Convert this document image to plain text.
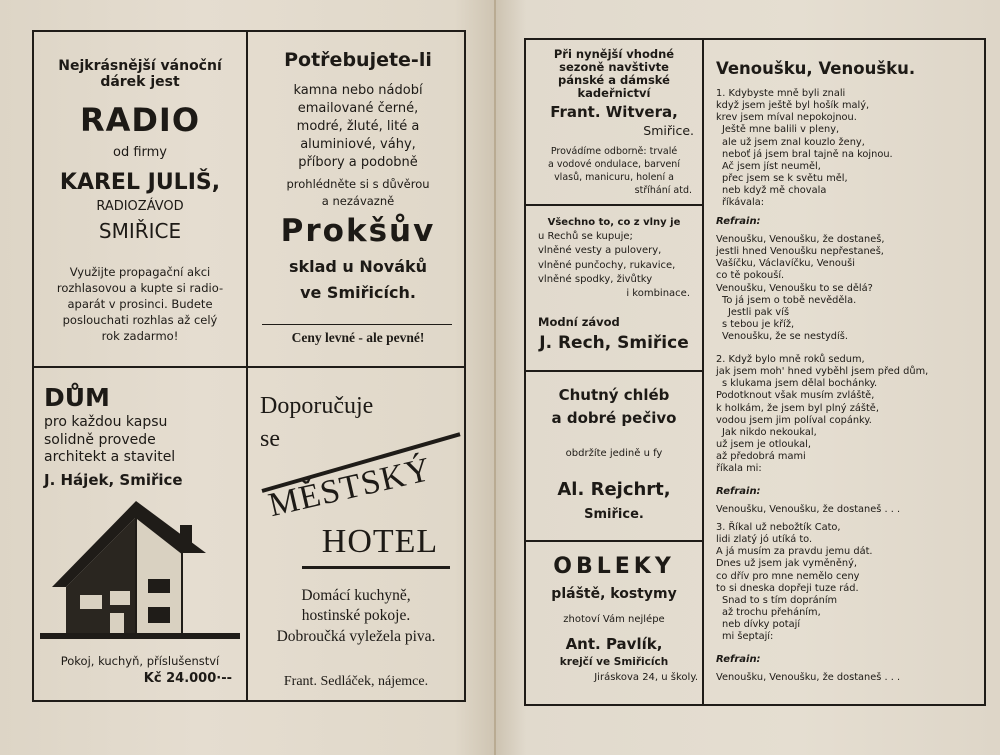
Nejkrásnější vánoční
dárek jest
RADIO
od firmy
KAREL JULIŠ,
RADIOZÁVOD
SMIŘICE
Využijte propagační akci
rozhlasovou a kupte si radio-
aparát v prosinci. Budete
poslouchati rozhlas až celý
rok zadarmo!
Potřebujete-li
kamna nebo nádobí
emailované černé,
modré, žluté, lité a
aluminiové, váhy,
příbory a podobně
prohlédněte si s důvěrou
a nezávazně
Prokšův
sklad u Nováků
ve Smiřicích.
Ceny levné - ale pevné!
DŮM
pro každou kapsu
solidně provede
architekt a stavitel
J. Hájek, Smiřice
Pokoj, kuchyň, příslušenství
Kč 24.000·--
Doporučuje
se
MĚSTSKÝ
HOTEL
Domácí kuchyně,
hostinské pokoje.
Dobroučká vyležela piva.
Frant. Sedláček, nájemce.
Při nynější vhodné
sezoně navštivte
pánské a dámské
kadeřnictví
Frant. Witvera,
Smiřice.
Provádíme odborně: trvalé
a vodové ondulace, barvení
vlasů, manicuru, holení a
stříhání atd.
Všechno to, co z vlny je
u Rechů se kupuje;
vlněné vesty a pulovery,
vlněné punčochy, rukavice,
vlněné spodky, živůtky
i kombinace.
Modní závod
J. Rech, Smiřice
Chutný chléb
a dobré pečivo
obdržíte jedině u fy
Al. Rejchrt,
Smiřice.
OBLEKY
pláště, kostymy
zhotoví Vám nejlépe
Ant. Pavlík,
krejčí ve Smiřicích
Jiráskova 24, u školy.
Venoušku, Venoušku.
1. Kdybyste mně byli znali
když jsem ještě byl hošík malý,
krev jsem míval nepokojnou.
Ještě mne balili v pleny,
ale už jsem znal kouzlo ženy,
neboť já jsem bral tajně na kojnou.
Ač jsem jíst neuměl,
přec jsem se k světu měl,
neb když mě chovala
říkávala:
Refrain:
Venoušku, Venoušku, že dostaneš,
jestli hned Venoušku nepřestaneš,
Vašíčku, Václavíčku, Venouši
co tě pokouší.
Venoušku, Venoušku to se dělá?
To já jsem o tobě nevěděla.
Jestli pak víš
s tebou je kříž,
Venoušku, že se nestydíš.
2. Když bylo mně roků sedum,
jak jsem moh' hned vyběhl jsem před dům,
s klukama jsem dělal bochánky.
Podotknout však musím zvláště,
k holkám, že jsem byl plný záště,
vodou jsem jim políval copánky.
Jak nikdo nekoukal,
už jsem je otloukal,
až předobrá mami
říkala mi:
Refrain:
Venoušku, Venoušku, že dostaneš . . .
3. Říkal už nebožtík Cato,
lidi zlatý jó utíká to.
A já musím za pravdu jemu dát.
Dnes už jsem jak vyměněný,
co dřív pro mne nemělo ceny
to si dneska dopřeji tuze rád.
Snad to s tím dopráním
až trochu přeháním,
neb dívky potají
mi šeptají:
Refrain:
Venoušku, Venoušku, že dostaneš . . .
